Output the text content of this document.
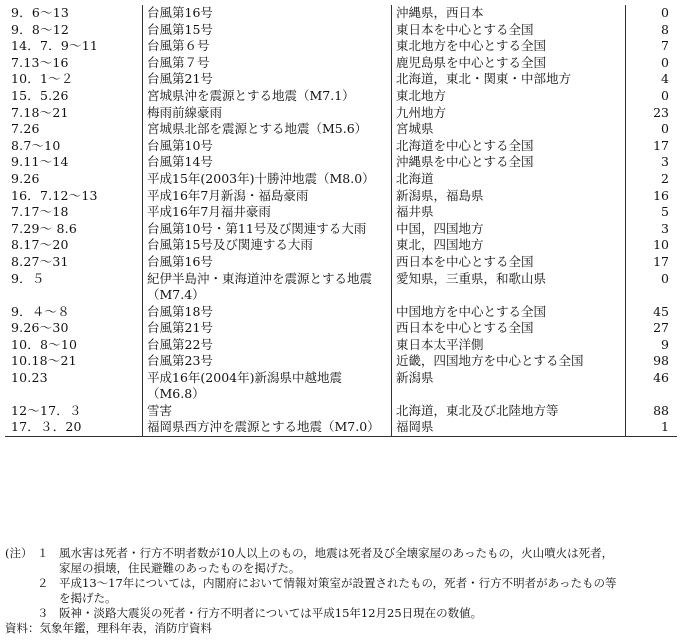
9．6～13	台風第16号	沖縄県，西日本	0
9．8～12	台風第15号	東日本を中心とする全国	8
14．7．9～11	台風第６号	東北地方を中心とする全国	7
7.13～16	台風第７号	鹿児島県を中心とする全国	0
10．1～２	台風第21号	北海道，東北・関東・中部地方	4
15．5.26	宮城県沖を震源とする地震（M7.1）	東北地方	0
7.18～21	梅雨前線豪雨	九州地方	23
7.26	宮城県北部を震源とする地震（M5.6）	宮城県	0
8.7～10	台風第10号	北海道を中心とする全国	17
9.11～14	台風第14号	沖縄県を中心とする全国	3
9.26	平成15年(2003年)十勝沖地震（M8.0）	北海道	2
16．7.12～13	平成16年7月新潟・福島豪雨	新潟県，福島県	16
7.17～18	平成16年7月福井豪雨	福井県	5
7.29～ 8.6	台風第10号・第11号及び関連する大雨	中国，四国地方	3
8.17～20	台風第15号及び関連する大雨	東北，四国地方	10
8.27～31	台風第16号	西日本を中心とする全国	17
9．５	紀伊半島沖・東海道沖を震源とする地震（M7.4）	愛知県，三重県，和歌山県	0
9．４～８	台風第18号	中国地方を中心とする全国	45
9.26～30	台風第21号	西日本を中心とする全国	27
10．8～10	台風第22号	東日本太平洋側	9
10.18～21	台風第23号	近畿，四国地方を中心とする全国	98
10.23	平成16年(2004年)新潟県中越地震（M6.8）	新潟県	46
12～17．３	雪害	北海道，東北及び北陸地方等	88
17．３．20	福岡県西方沖を震源とする地震（M7.0）	福岡県	1
(注） １ 風水害は死者・行方不明者数が10人以上のもの，地震は死者及び全壊家屋のあったもの，火山噴火は死者，
家屋の損壊，住民避難のあったものを掲げた。
２ 平成13～17年については，内閣府において情報対策室が設置されたもの，死者・行方不明者があったもの等
を掲げた。
３ 阪神・淡路大震災の死者・行方不明者については平成15年12月25日現在の数値。
資料：気象年鑑，理科年表，消防庁資料
